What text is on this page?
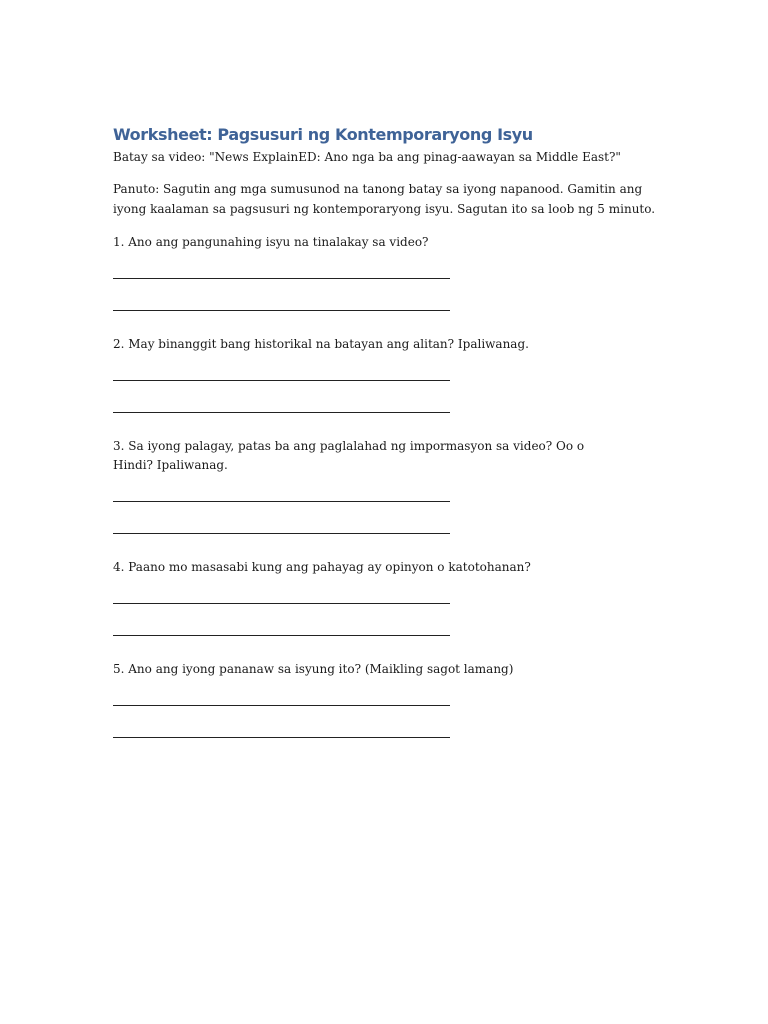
Worksheet: Pagsusuri ng Kontemporaryong Isyu

Batay sa video: "News ExplainED: Ano nga ba ang pinag-aawayan sa Middle East?"

Panuto: Sagutin ang mga sumusunod na tanong batay sa iyong napanood. Gamitin ang iyong kaalaman sa pagsusuri ng kontemporaryong isyu. Sagutan ito sa loob ng 5 minuto.

1. Ano ang pangunahing isyu na tinalakay sa video?

2. May binanggit bang historikal na batayan ang alitan? Ipaliwanag.

3. Sa iyong palagay, patas ba ang paglalahad ng impormasyon sa video? Oo o Hindi? Ipaliwanag.

4. Paano mo masasabi kung ang pahayag ay opinyon o katotohanan?

5. Ano ang iyong pananaw sa isyung ito? (Maikling sagot lamang)
